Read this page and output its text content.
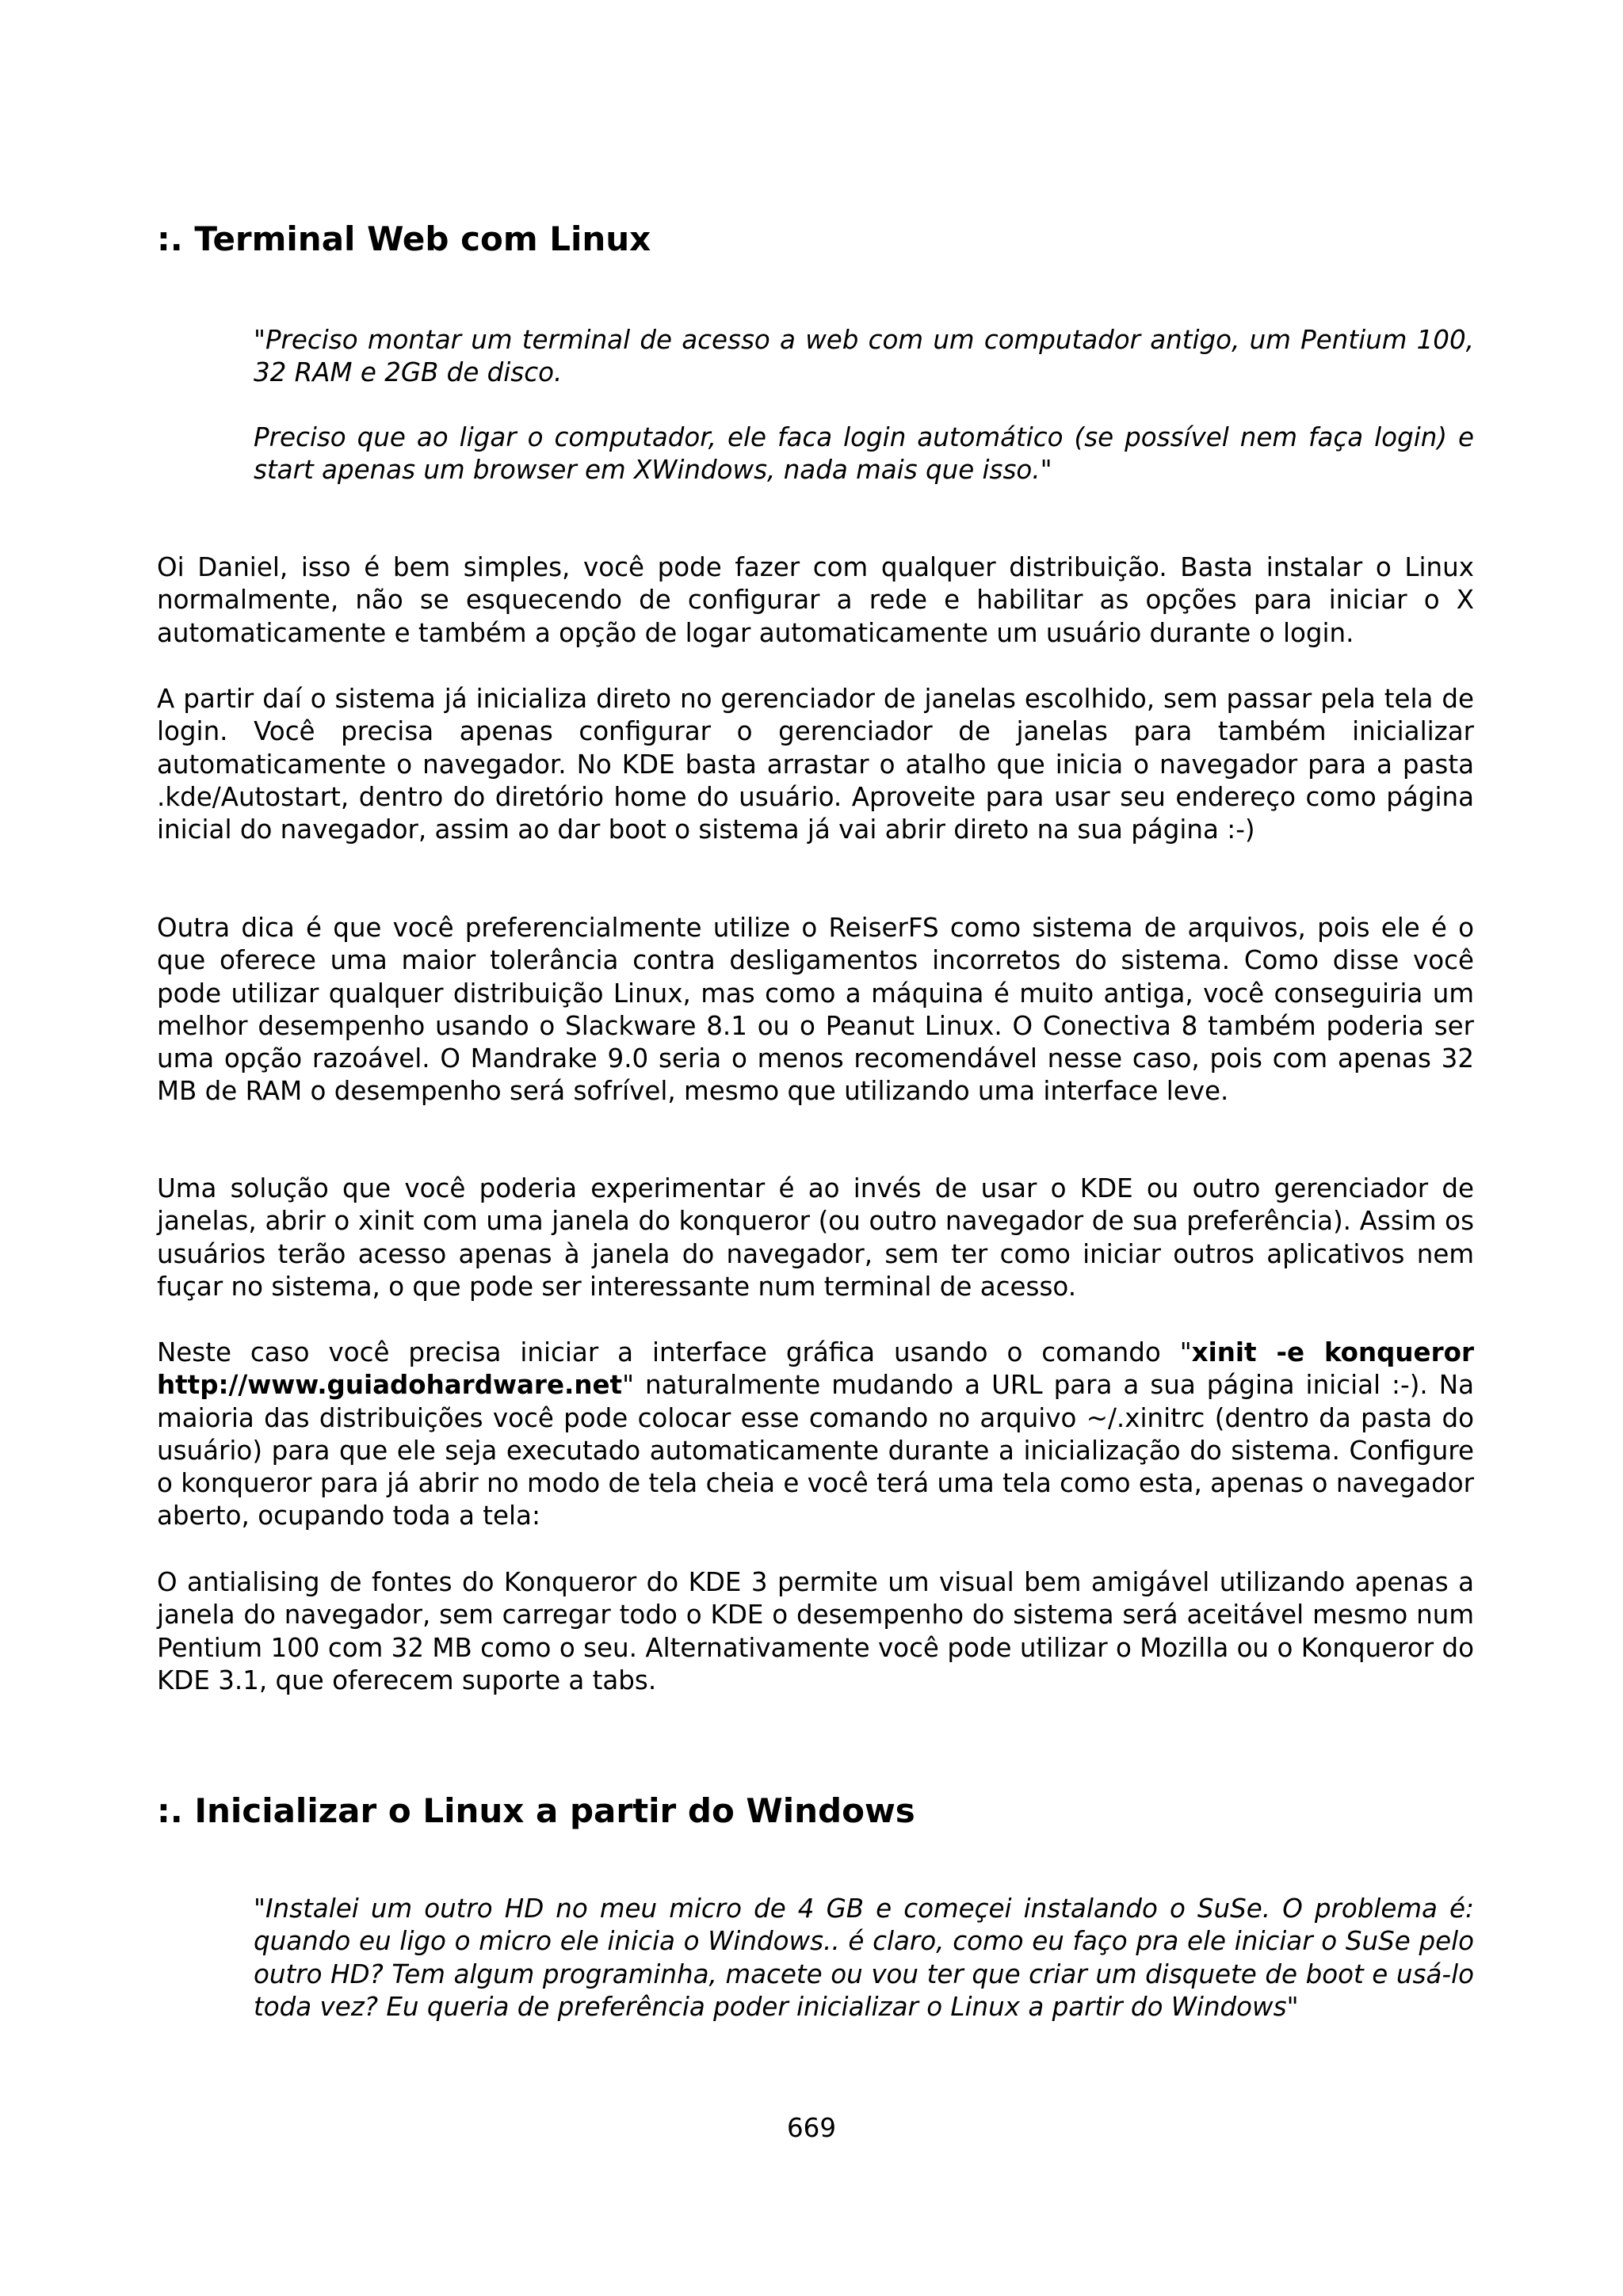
:. Terminal Web com Linux

"Preciso montar um terminal de acesso a web com um computador antigo, um Pentium 100, 32 RAM e 2GB de disco.

Preciso que ao ligar o computador, ele faca login automático (se possível nem faça login) e start apenas um browser em XWindows, nada mais que isso."

Oi Daniel, isso é bem simples, você pode fazer com qualquer distribuição. Basta instalar o Linux normalmente, não se esquecendo de configurar a rede e habilitar as opções para iniciar o X automaticamente e também a opção de logar automaticamente um usuário durante o login.

A partir daí o sistema já inicializa direto no gerenciador de janelas escolhido, sem passar pela tela de login. Você precisa apenas configurar o gerenciador de janelas para também inicializar automaticamente o navegador. No KDE basta arrastar o atalho que inicia o navegador para a pasta .kde/Autostart, dentro do diretório home do usuário. Aproveite para usar seu endereço como página inicial do navegador, assim ao dar boot o sistema já vai abrir direto na sua página :-)

Outra dica é que você preferencialmente utilize o ReiserFS como sistema de arquivos, pois ele é o que oferece uma maior tolerância contra desligamentos incorretos do sistema. Como disse você pode utilizar qualquer distribuição Linux, mas como a máquina é muito antiga, você conseguiria um melhor desempenho usando o Slackware 8.1 ou o Peanut Linux. O Conectiva 8 também poderia ser uma opção razoável. O Mandrake 9.0 seria o menos recomendável nesse caso, pois com apenas 32 MB de RAM o desempenho será sofrível, mesmo que utilizando uma interface leve.

Uma solução que você poderia experimentar é ao invés de usar o KDE ou outro gerenciador de janelas, abrir o xinit com uma janela do konqueror (ou outro navegador de sua preferência). Assim os usuários terão acesso apenas à janela do navegador, sem ter como iniciar outros aplicativos nem fuçar no sistema, o que pode ser interessante num terminal de acesso.

Neste caso você precisa iniciar a interface gráfica usando o comando "xinit -e konqueror http://www.guiadohardware.net" naturalmente mudando a URL para a sua página inicial :-). Na maioria das distribuições você pode colocar esse comando no arquivo ~/.xinitrc (dentro da pasta do usuário) para que ele seja executado automaticamente durante a inicialização do sistema. Configure o konqueror para já abrir no modo de tela cheia e você terá uma tela como esta, apenas o navegador aberto, ocupando toda a tela:

O antialising de fontes do Konqueror do KDE 3 permite um visual bem amigável utilizando apenas a janela do navegador, sem carregar todo o KDE o desempenho do sistema será aceitável mesmo num Pentium 100 com 32 MB como o seu. Alternativamente você pode utilizar o Mozilla ou o Konqueror do KDE 3.1, que oferecem suporte a tabs.

:. Inicializar o Linux a partir do Windows

"Instalei um outro HD no meu micro de 4 GB e começei instalando o SuSe. O problema é: quando eu ligo o micro ele inicia o Windows.. é claro, como eu faço pra ele iniciar o SuSe pelo outro HD? Tem algum programinha, macete ou vou ter que criar um disquete de boot e usá-lo toda vez? Eu queria de preferência poder inicializar o Linux a partir do Windows"

669
